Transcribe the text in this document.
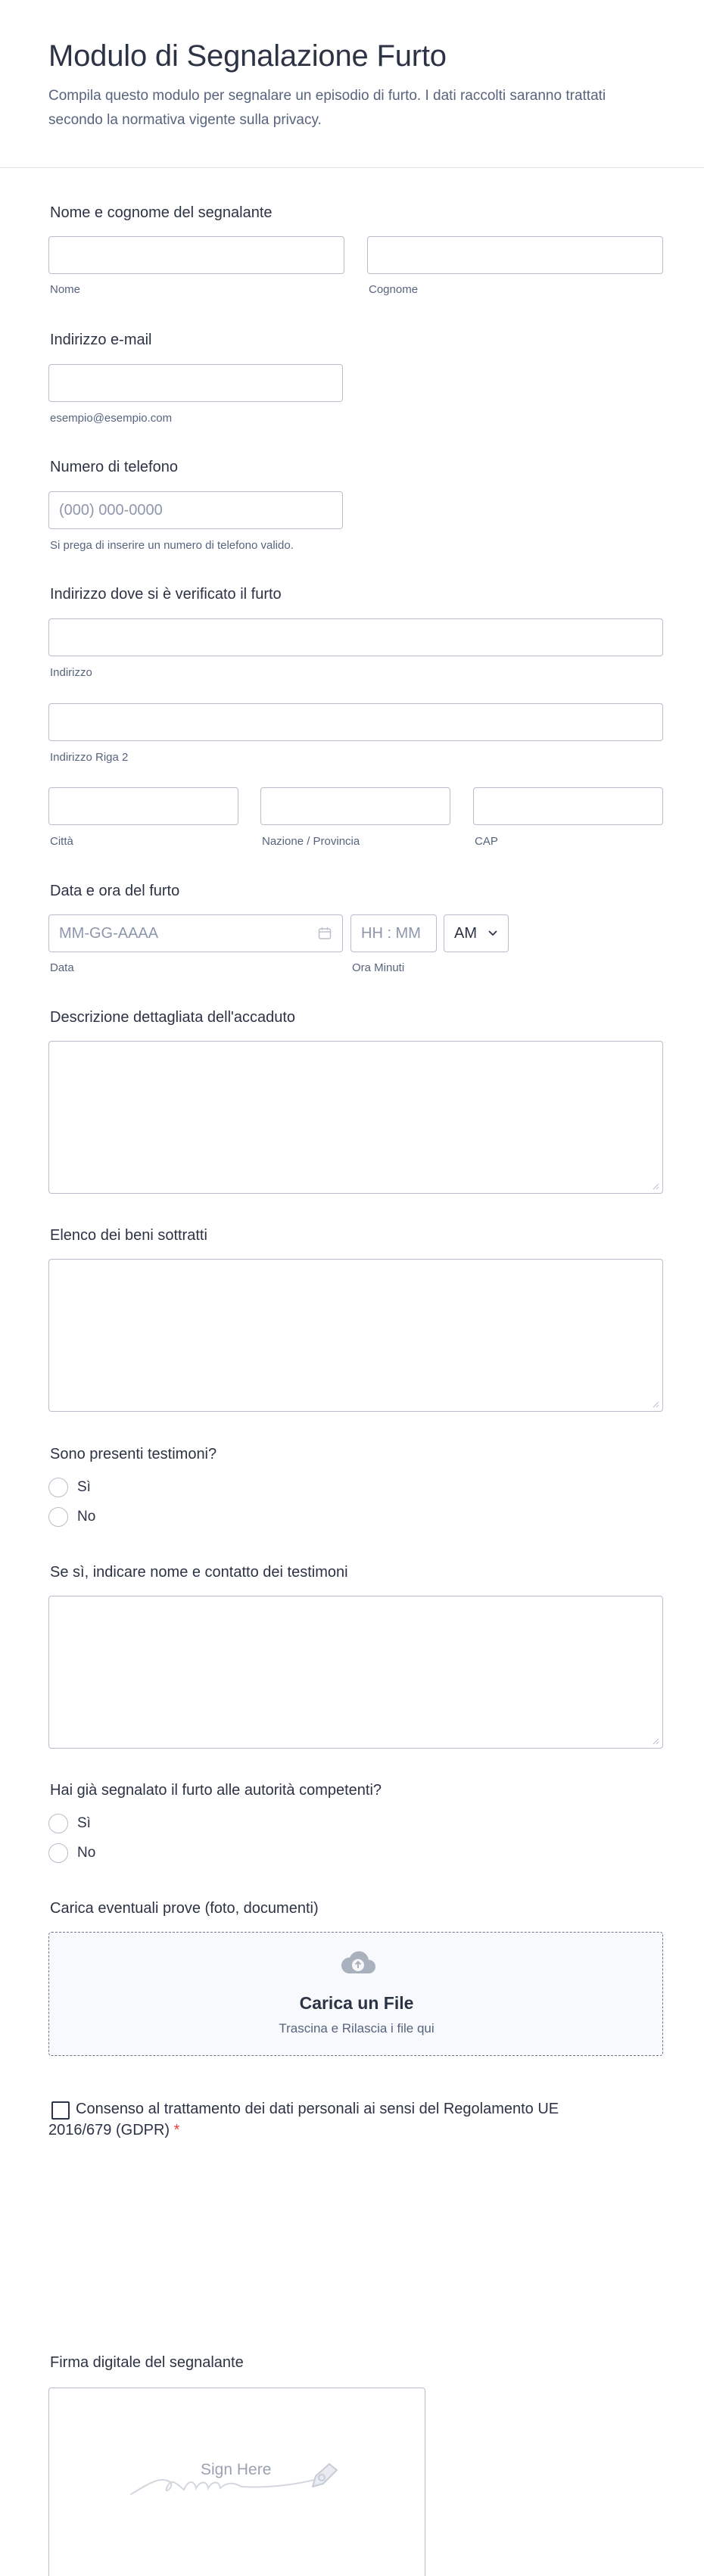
Modulo di Segnalazione Furto

Compila questo modulo per segnalare un episodio di furto. I dati raccolti saranno trattati secondo la normativa vigente sulla privacy.

Nome e cognome del segnalante
Nome	Cognome
Indirizzo e-mail
esempio@esempio.com
Numero di telefono
(000) 000-0000
Si prega di inserire un numero di telefono valido.
Indirizzo dove si è verificato il furto
Indirizzo
Indirizzo Riga 2
Città	Nazione / Provincia	CAP
Data e ora del furto
MM-GG-AAAA	HH : MM AM
Data	Ora Minuti
Descrizione dettagliata dell'accaduto
Elenco dei beni sottratti
Sono presenti testimoni?
Sì
No
Se sì, indicare nome e contatto dei testimoni
Hai già segnalato il furto alle autorità competenti?
Sì
No
Carica eventuali prove (foto, documenti)
Carica un File
Trascina e Rilascia i file qui
Consenso al trattamento dei dati personali ai sensi del Regolamento UE 2016/679 (GDPR) *
Firma digitale del segnalante
Sign Here
